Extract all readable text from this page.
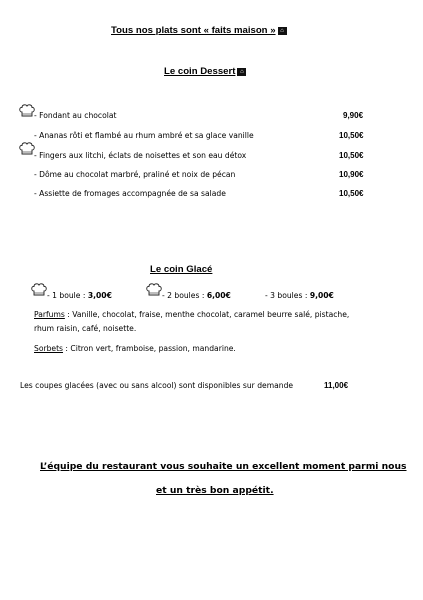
Tous nos plats sont « faits maison » ⌂
Le coin Dessert ⌂
- Fondant au chocolat	9,90€
- Ananas rôti et flambé au rhum ambré et sa glace vanille	10,50€
- Fingers aux litchi, éclats de noisettes et son eau détox	10,50€
- Dôme au chocolat marbré, praliné et noix de pécan	10,90€
- Assiette de fromages accompagnée de sa salade	10,50€
Le coin Glacé
- 1 boule : 3,00€	- 2 boules : 6,00€	- 3 boules : 9,00€
Parfums : Vanille, chocolat, fraise, menthe chocolat, caramel beurre salé, pistache,
rhum raisin, café, noisette.
Sorbets : Citron vert, framboise, passion, mandarine.
Les coupes glacées (avec ou sans alcool) sont disponibles sur demande	11,00€
L’équipe du restaurant vous souhaite un excellent moment parmi nous
et un très bon appétit.
